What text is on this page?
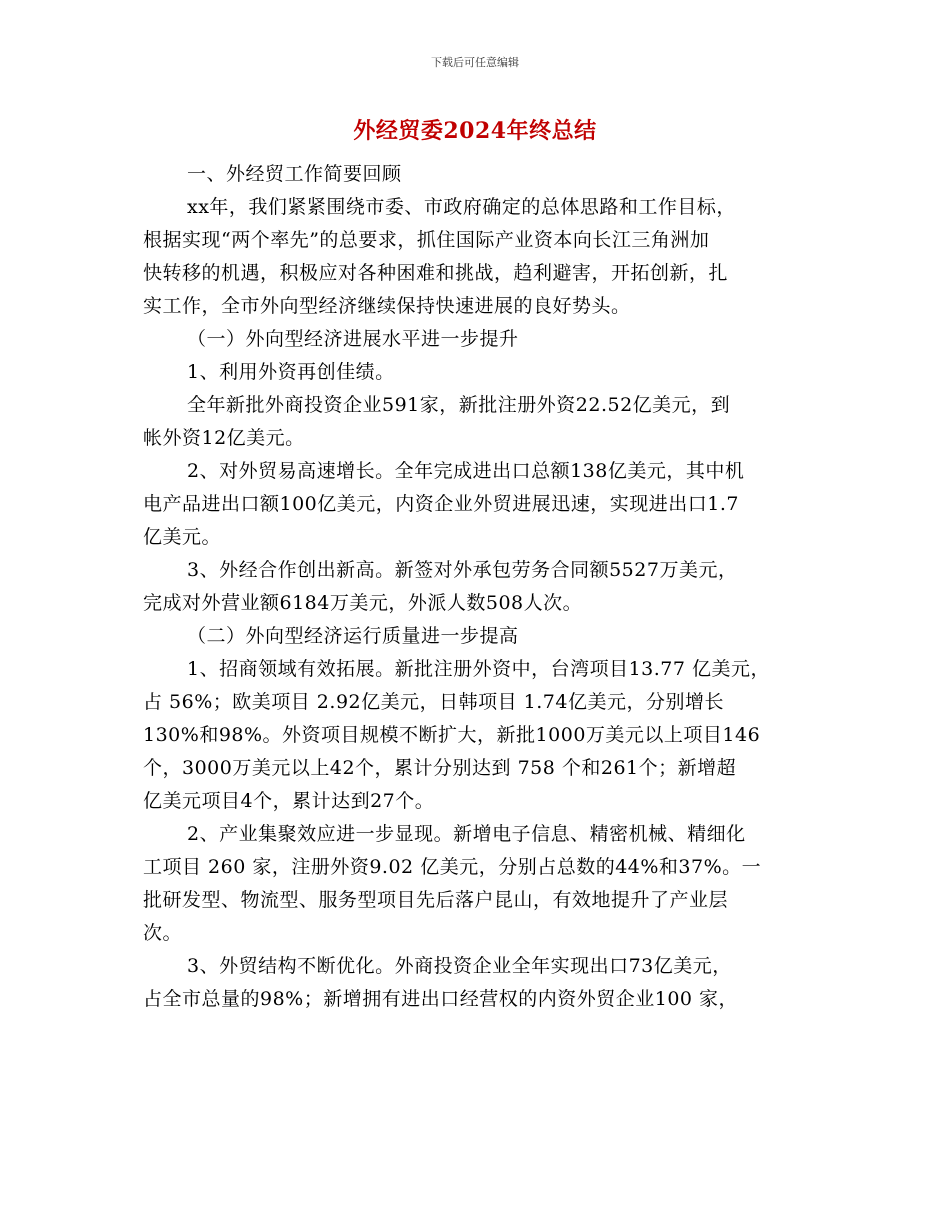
下载后可任意编辑
外经贸委2024年终总结
一、外经贸工作简要回顾
xx年，我们紧紧围绕市委、市政府确定的总体思路和工作目标，
根据实现“两个率先”的总要求，抓住国际产业资本向长江三角洲加
快转移的机遇，积极应对各种困难和挑战，趋利避害，开拓创新，扎
实工作，全市外向型经济继续保持快速进展的良好势头。
（一）外向型经济进展水平进一步提升
1、利用外资再创佳绩。
全年新批外商投资企业591家，新批注册外资22.52亿美元，到
帐外资12亿美元。
2、对外贸易高速增长。全年完成进出口总额138亿美元，其中机
电产品进出口额100亿美元，内资企业外贸进展迅速，实现进出口1.7
亿美元。
3、外经合作创出新高。新签对外承包劳务合同额5527万美元，
完成对外营业额6184万美元，外派人数508人次。
（二）外向型经济运行质量进一步提高
1、招商领域有效拓展。新批注册外资中，台湾项目13.77 亿美元，
占 56%；欧美项目 2.92亿美元，日韩项目 1.74亿美元，分别增长
130%和98%。外资项目规模不断扩大，新批1000万美元以上项目146
个，3000万美元以上42个，累计分别达到 758 个和261个；新增超
亿美元项目4个，累计达到27个。
2、产业集聚效应进一步显现。新增电子信息、精密机械、精细化
工项目 260 家，注册外资9.02 亿美元，分别占总数的44%和37%。一
批研发型、物流型、服务型项目先后落户昆山，有效地提升了产业层
次。
3、外贸结构不断优化。外商投资企业全年实现出口73亿美元，
占全市总量的98%；新增拥有进出口经营权的内资外贸企业100 家，
